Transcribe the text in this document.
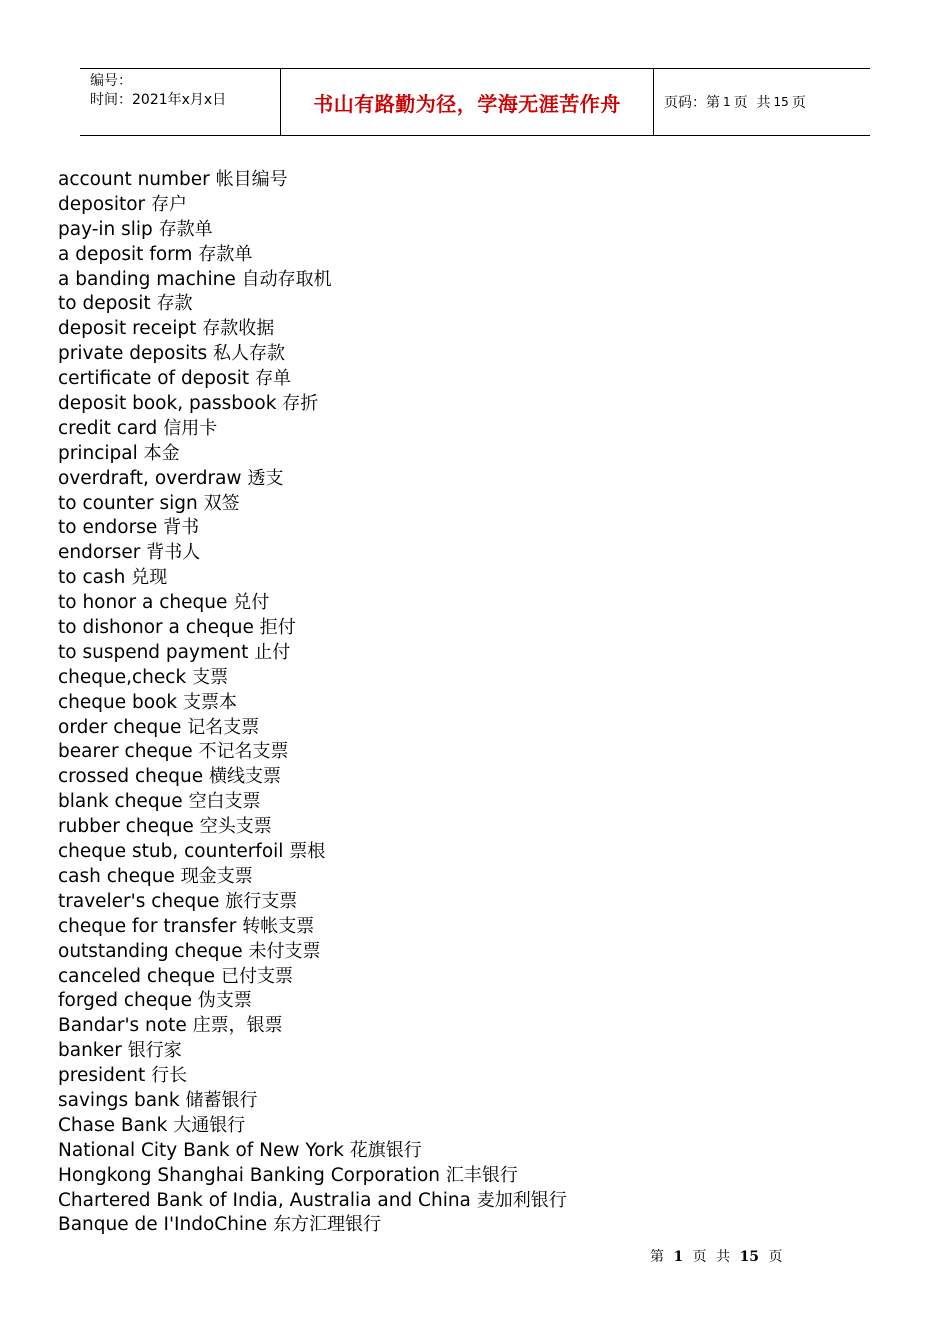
编号：
时间：2021年x月x日	书山有路勤为径，学海无涯苦作舟	页码：第 1 页  共 15 页
account number 帐目编号
depositor 存户
pay-in slip 存款单
a deposit form 存款单
a banding machine 自动存取机
to deposit 存款
deposit receipt 存款收据
private deposits 私人存款
certificate of deposit 存单
deposit book, passbook 存折
credit card 信用卡
principal 本金
overdraft, overdraw 透支
to counter sign 双签
to endorse 背书
endorser 背书人
to cash 兑现
to honor a cheque 兑付
to dishonor a cheque 拒付
to suspend payment 止付
cheque,check 支票
cheque book 支票本
order cheque 记名支票
bearer cheque 不记名支票
crossed cheque 横线支票
blank cheque 空白支票
rubber cheque 空头支票
cheque stub, counterfoil 票根
cash cheque 现金支票
traveler's cheque 旅行支票
cheque for transfer 转帐支票
outstanding cheque 未付支票
canceled cheque 已付支票
forged cheque 伪支票
Bandar's note 庄票，银票
banker 银行家
president 行长
savings bank 储蓄银行
Chase Bank 大通银行
National City Bank of New York 花旗银行
Hongkong Shanghai Banking Corporation 汇丰银行
Chartered Bank of India, Australia and China 麦加利银行
Banque de I'IndoChine 东方汇理银行
第 1 页 共 15 页
